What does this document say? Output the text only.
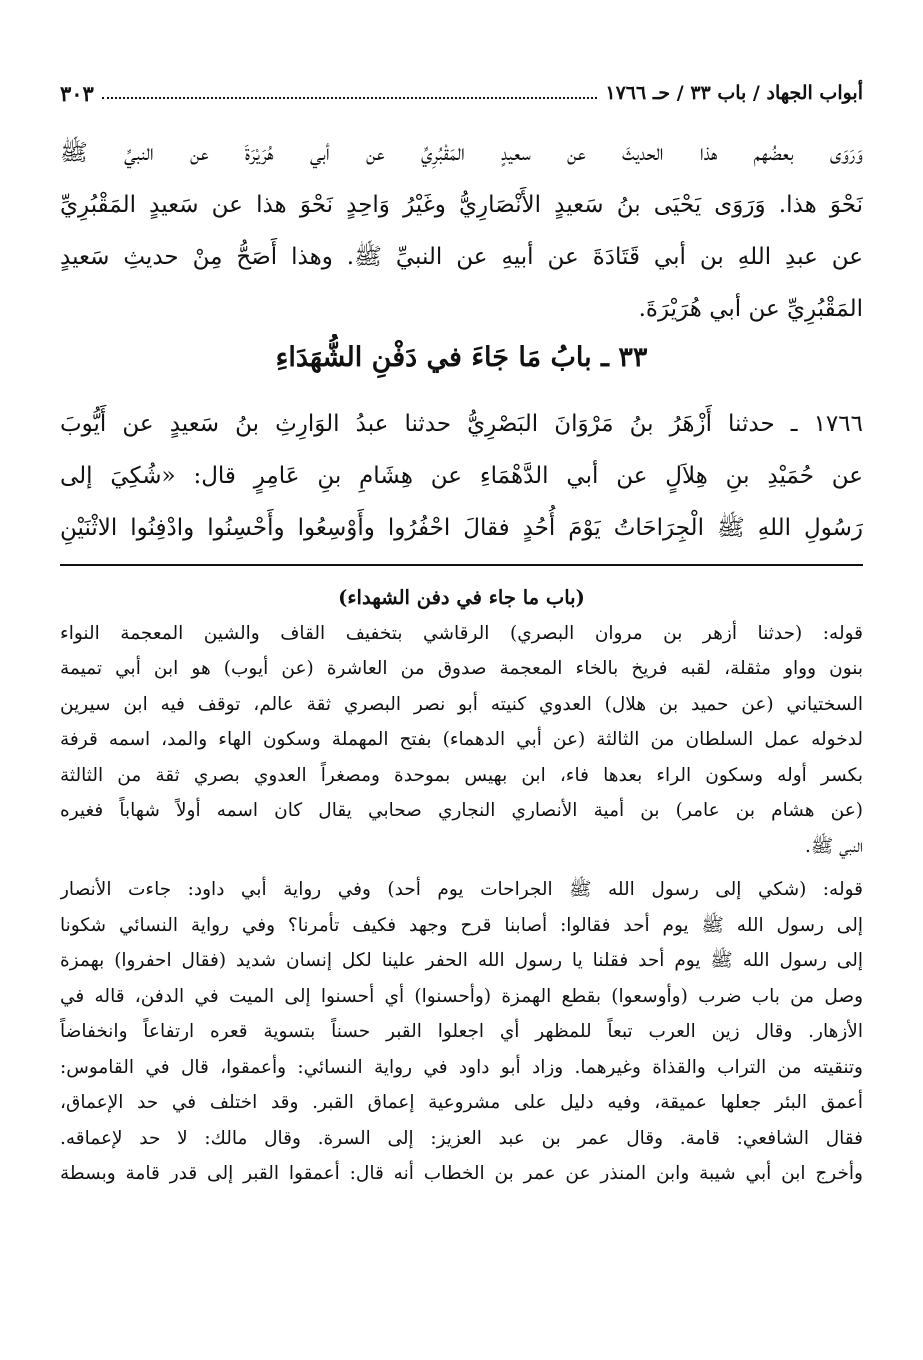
أبواب الجهاد / باب ٣٣ / حـ ١٧٦٦
٣٠٣
وَرَوَى بعضُهم هذا الحديثَ عن سعيدٍ المَقْبُرِيِّ عن أبي هُرَيْرَةَ عن النبيِّ ﷺ
نَحْوَ هذا. وَرَوَى يَحْيَى بنُ سَعيدٍ الأَنْصَارِيُّ وغَيْرُ وَاحِدٍ نَحْوَ هذا عن سَعيدٍ المَقْبُرِيِّ
عن عبدِ اللهِ بن أبي قَتَادَةَ عن أبيهِ عن النبيِّ ﷺ. وهذا أَصَحُّ مِنْ حديثِ سَعيدٍ
المَقْبُرِيِّ عن أبي هُرَيْرَةَ.
٣٣ ـ بابُ مَا جَاءَ في دَفْنِ الشُّهَدَاءِ
١٧٦٦ ـ حدثنا أَزْهَرُ بنُ مَرْوَانَ البَصْرِيُّ حدثنا عبدُ الوَارِثِ بنُ سَعيدٍ عن أَيُّوبَ
عن حُمَيْدِ بنِ هِلاَلٍ عن أبي الدَّهْمَاءِ عن هِشَامِ بنِ عَامِرٍ قال: «شُكِيَ إلى
رَسُولِ اللهِ ﷺ الْجِرَاحَاتُ يَوْمَ أُحُدٍ فقالَ احْفُرُوا وأَوْسِعُوا وأَحْسِنُوا وادْفِنُوا الاثْنَيْنِ
(باب ما جاء في دفن الشهداء)
قوله: (حدثنا أزهر بن مروان البصري) الرقاشي بتخفيف القاف والشين المعجمة النواء
بنون وواو مثقلة، لقبه فريخ بالخاء المعجمة صدوق من العاشرة (عن أيوب) هو ابن أبي تميمة
السختياني (عن حميد بن هلال) العدوي كنيته أبو نصر البصري ثقة عالم، توقف فيه ابن سيرين
لدخوله عمل السلطان من الثالثة (عن أبي الدهماء) بفتح المهملة وسكون الهاء والمد، اسمه قرفة
بكسر أوله وسكون الراء بعدها فاء، ابن بهيس بموحدة ومصغراً العدوي بصري ثقة من الثالثة
(عن هشام بن عامر) بن أمية الأنصاري النجاري صحابي يقال كان اسمه أولاً شهاباً فغيره
النبي ﷺ.
قوله: (شكي إلى رسول الله ﷺ الجراحات يوم أحد) وفي رواية أبي داود: جاءت الأنصار
إلى رسول الله ﷺ يوم أحد فقالوا: أصابنا قرح وجهد فكيف تأمرنا؟ وفي رواية النسائي شكونا
إلى رسول الله ﷺ يوم أحد فقلنا يا رسول الله الحفر علينا لكل إنسان شديد (فقال احفروا) بهمزة
وصل من باب ضرب (وأوسعوا) بقطع الهمزة (وأحسنوا) أي أحسنوا إلى الميت في الدفن، قاله في
الأزهار. وقال زين العرب تبعاً للمظهر أي اجعلوا القبر حسناً بتسوية قعره ارتفاعاً وانخفاضاً
وتنقيته من التراب والقذاة وغيرهما. وزاد أبو داود في رواية النسائي: وأعمقوا، قال في القاموس:
أعمق البئر جعلها عميقة، وفيه دليل على مشروعية إعماق القبر. وقد اختلف في حد الإعماق،
فقال الشافعي: قامة. وقال عمر بن عبد العزيز: إلى السرة. وقال مالك: لا حد لإعماقه.
وأخرج ابن أبي شيبة وابن المنذر عن عمر بن الخطاب أنه قال: أعمقوا القبر إلى قدر قامة وبسطة
